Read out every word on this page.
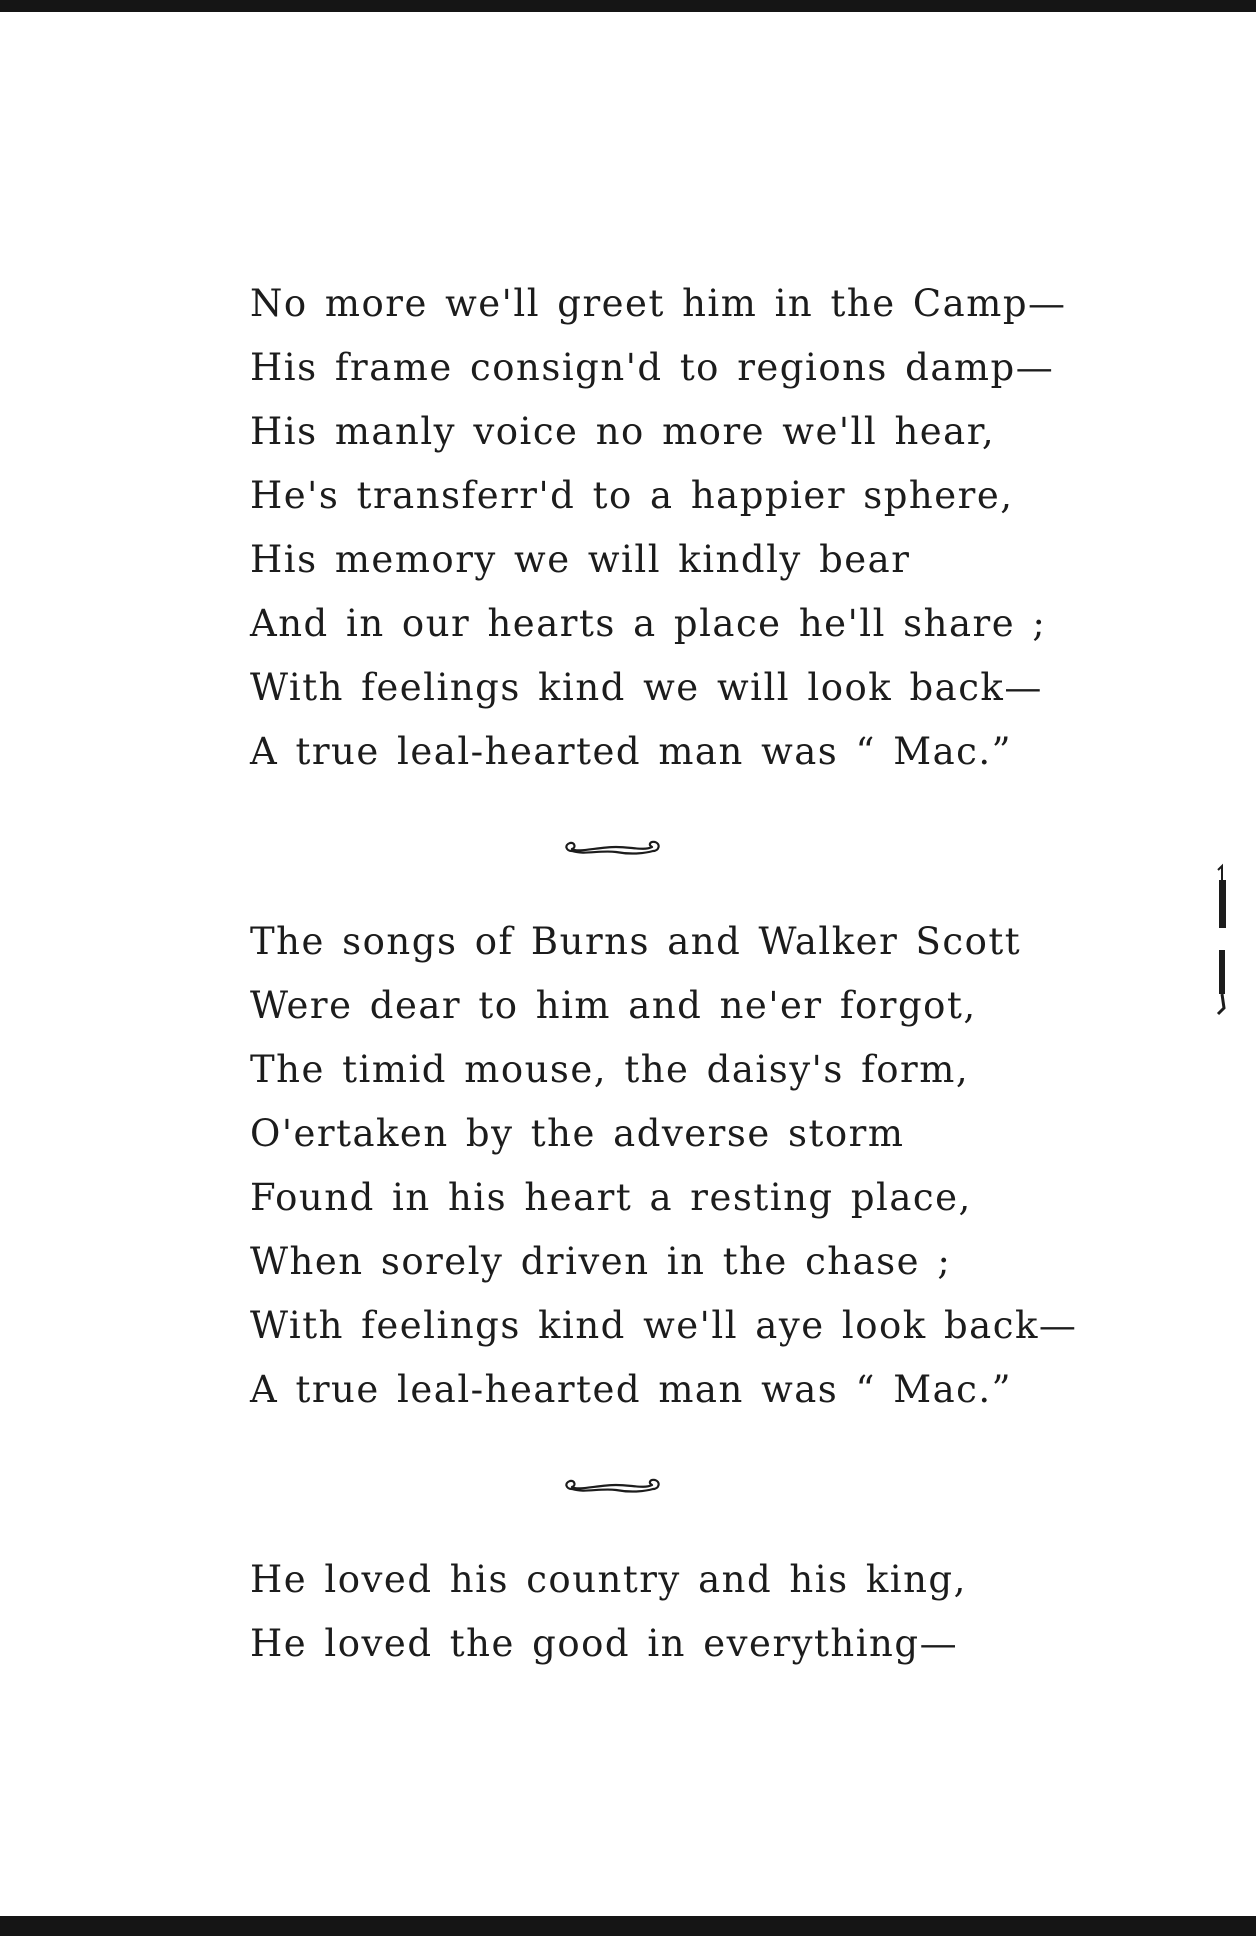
No more we'll greet him in the Camp—
His frame consign'd to regions damp—
His manly voice no more we'll hear,
He's transferr'd to a happier sphere,
His memory we will kindly bear
And in our hearts a place he'll share ;
With feelings kind we will look back—
A true leal-hearted man was “ Mac.”
The songs of Burns and Walker Scott
Were dear to him and ne'er forgot,
The timid mouse, the daisy's form,
O'ertaken by the adverse storm
Found in his heart a resting place,
When sorely driven in the chase ;
With feelings kind we'll aye look back—
A true leal-hearted man was “ Mac.”
He loved his country and his king,
He loved the good in everything—
